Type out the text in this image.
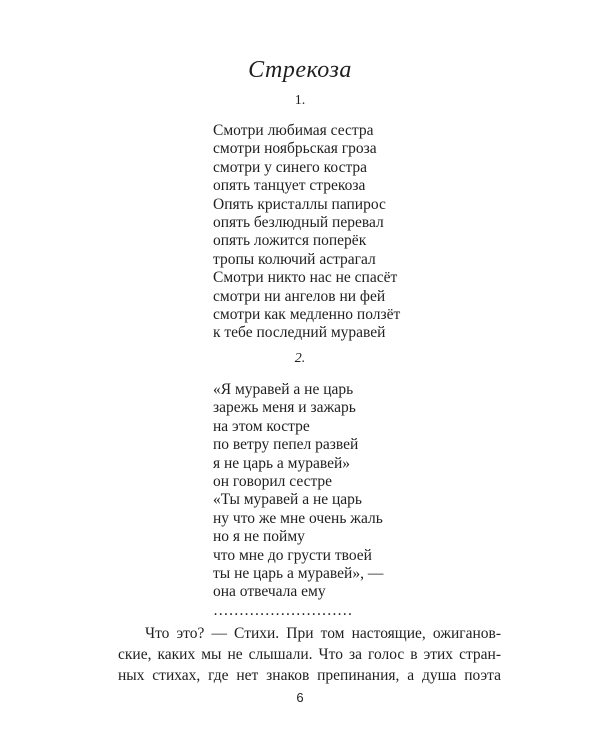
Стрекоза
1.
Смотри любимая сестра
смотри ноябрьская гроза
смотри у синего костра
опять танцует стрекоза
Опять кристаллы папирос
опять безлюдный перевал
опять ложится поперёк
тропы колючий астрагал
Смотри никто нас не спасёт
смотри ни ангелов ни фей
смотри как медленно ползёт
к тебе последний муравей
2.
«Я муравей а не царь
зарежь меня и зажарь
на этом костре
по ветру пепел развей
я не царь а муравей»
он говорил сестре
«Ты муравей а не царь
ну что же мне очень жаль
но я не пойму
что мне до грусти твоей
ты не царь а муравей», —
она отвечала ему
………………………

Что это? — Стихи. При том настоящие, ожиганов-
ские, каких мы не слышали. Что за голос в этих стран-
ных стихах, где нет знаков препинания, а душа поэта

6
